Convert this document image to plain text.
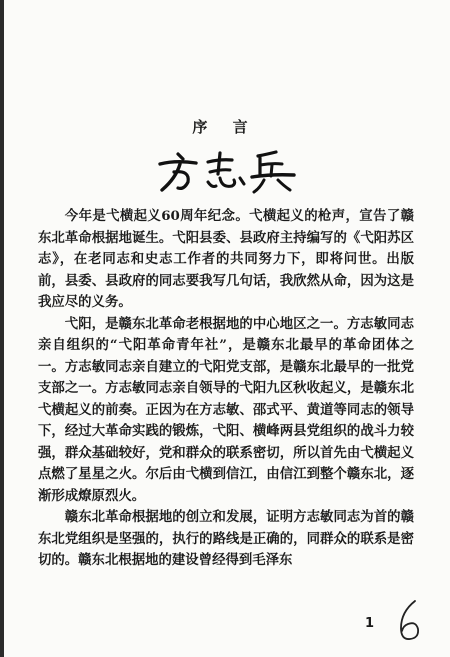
序 言

今年是弋横起义60周年纪念。弋横起义的枪声，宣告了赣东北革命根据地诞生。弋阳县委、县政府主持编写的《弋阳苏区志》，在老同志和史志工作者的共同努力下，即将问世。出版前，县委、县政府的同志要我写几句话，我欣然从命，因为这是我应尽的义务。

弋阳，是赣东北革命老根据地的中心地区之一。方志敏同志亲自组织的“弋阳革命青年社”，是赣东北最早的革命团体之一。方志敏同志亲自建立的弋阳党支部，是赣东北最早的一批党支部之一。方志敏同志亲自领导的弋阳九区秋收起义，是赣东北弋横起义的前奏。正因为在方志敏、邵式平、黄道等同志的领导下，经过大革命实践的锻炼，弋阳、横峰两县党组织的战斗力较强，群众基础较好，党和群众的联系密切，所以首先由弋横起义点燃了星星之火。尔后由弋横到信江，由信江到整个赣东北，逐渐形成燎原烈火。

赣东北革命根据地的创立和发展，证明方志敏同志为首的赣东北党组织是坚强的，执行的路线是正确的，同群众的联系是密切的。赣东北根据地的建设曾经得到毛泽东

1
